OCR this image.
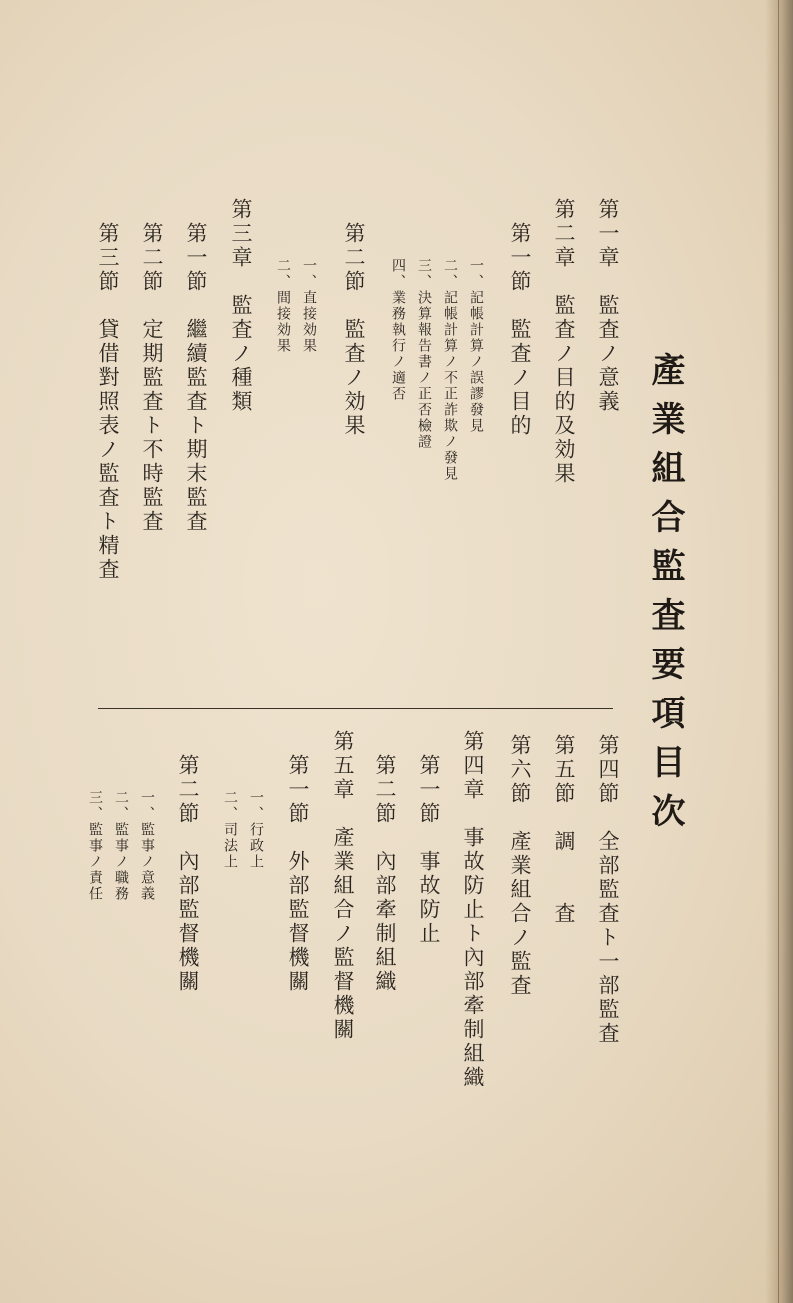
產業組合監査要項目次
第一章　監査ノ意義
第二章　監査ノ目的及効果
第一節　監査ノ目的
一、記帳計算ノ誤謬發見
二、記帳計算ノ不正詐欺ノ發見
三、決算報告書ノ正否檢證
四、業務執行ノ適否
第二節　監査ノ効果
一、直接効果
二、間接効果
第三章　監査ノ種類
第一節　繼續監査ト期末監査
第二節　定期監査ト不時監査
第三節　貸借對照表ノ監査ト精査
第四節　全部監査ト一部監査
第五節　調　　査
第六節　產業組合ノ監査
第四章　事故防止ト內部牽制組織
第一節　事故防止
第二節　內部牽制組織
第五章　產業組合ノ監督機關
第一節　外部監督機關
一、行政上
二、司法上
第二節　內部監督機關
一、監事ノ意義
二、監事ノ職務
三、監事ノ責任
